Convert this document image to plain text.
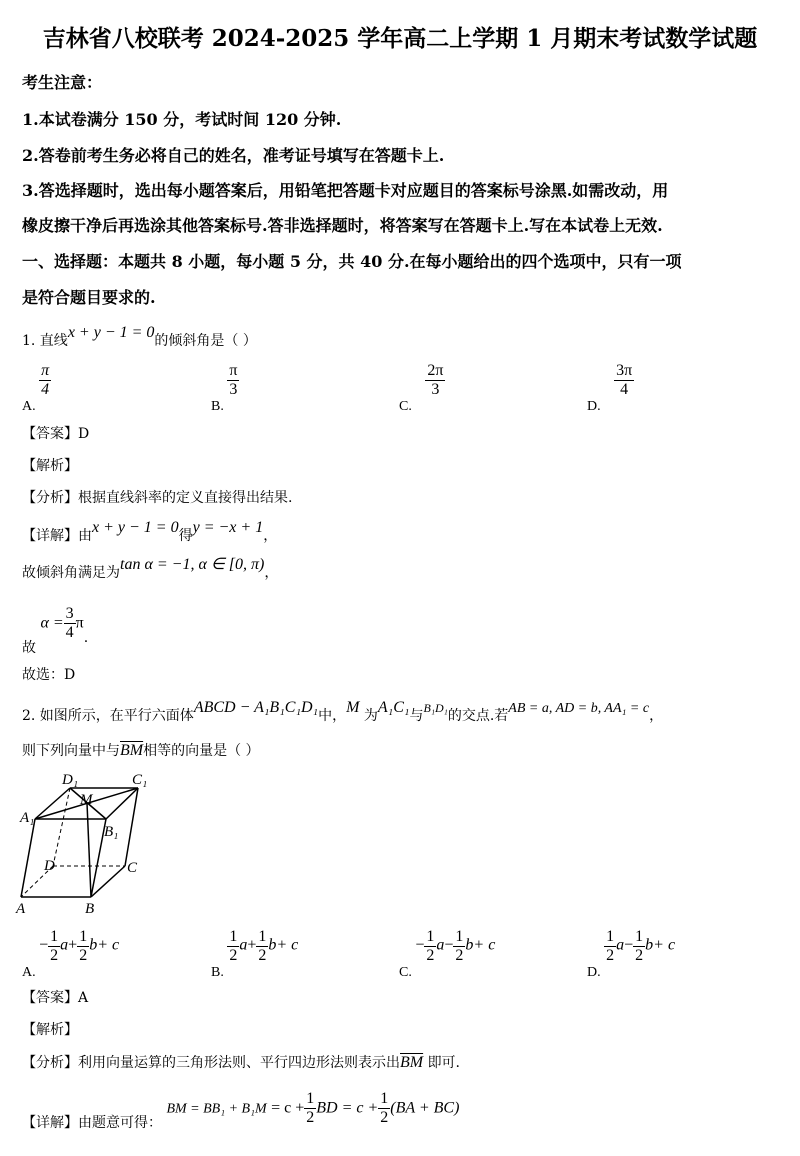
吉林省八校联考 2024-2025 学年高二上学期 1 月期末考试数学试题
考生注意：
1.本试卷满分 150 分，考试时间 120 分钟.
2.答卷前考生务必将自己的姓名，准考证号填写在答题卡上.
3.答选择题时，选出每小题答案后，用铅笔把答题卡对应题目的答案标号涂黑.如需改动，用
橡皮擦干净后再选涂其他答案标号.答非选择题时，将答案写在答题卡上.写在本试卷上无效.
一、选择题：本题共 8 小题，每小题 5 分，共 40 分.在每小题给出的四个选项中，只有一项
是符合题目要求的.
1. 直线x + y − 1 = 0的倾斜角是（ ）
A.
$\frac{\pi}{4}$
B.
$\frac{\pi}{3}$
C.
$\frac{2\pi}{3}$
D.
$\frac{3\pi}{4}$
【答案】D
【解析】
【分析】根据直线斜率的定义直接得出结果.
【详解】由x + y − 1 = 0得y = −x + 1，
故倾斜角满足为tan α = −1, α ∈ [0, π)，
故 $\alpha = \frac{3}{4} \pi$.
故选：D
2. 如图所示，在平行六面体ABCD − A₁B₁C₁D₁中，M 为A₁C₁与B₁D₁的交点.若AB = a, AD = b, AA₁ = c，
则下列向量中与$\overline{BM}$相等的向量是（ ）
D₁	C₁
M
A₁
B₁
D	C
A	B
A. − $\frac{1}{2} a+ \frac{1}{2} b+ c$
B.
$\frac{1}{2} a+ \frac{1}{2} b+ c$
C. − $\frac{1}{2} a- \frac{1}{2} b+ c$
D.
$\frac{1}{2} a- \frac{1}{2} b+ c$
【答案】A
【解析】
【分析】利用向量运算的三角形法则、平行四边形法则表示出$\overline{BM}$ 即可.
【详解】由题意可得： BM = $BB_1 + B_1M = c + \frac{1}{2}$ BD = $c + \frac{1}{2} (BA + BC)$
